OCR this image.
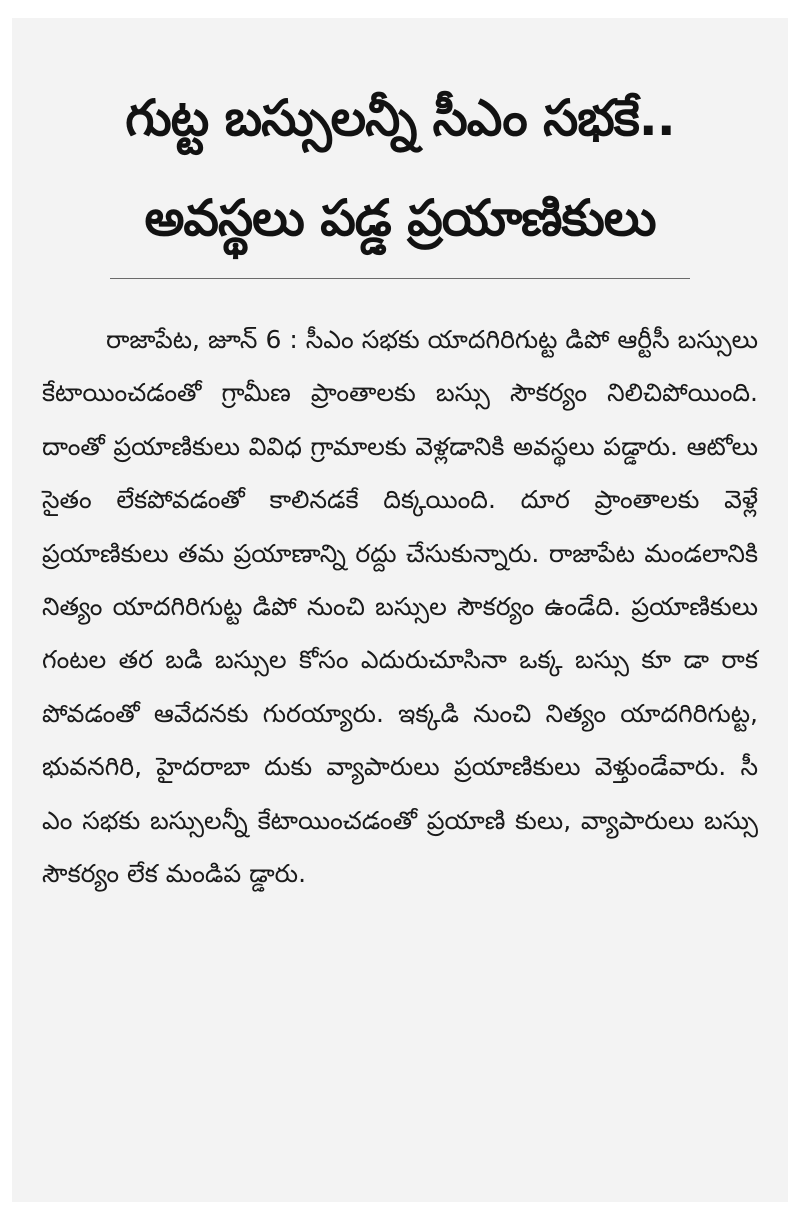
గుట్ట బస్సులన్నీ సీఎం సభకే..
అవస్థలు పడ్డ ప్రయాణికులు

రాజాపేట, జూన్ 6 : సీఎం సభకు యాదగిరిగుట్ట డిపో ఆర్టీసీ బస్సులు కేటాయించడంతో గ్రామీణ ప్రాంతాలకు బస్సు సౌకర్యం నిలిచిపోయింది. దాంతో ప్రయాణికులు వివిధ గ్రామాలకు వెళ్లడానికి అవస్థలు పడ్డారు. ఆటోలు సైతం లేకపోవడంతో కాలినడకే దిక్కయింది. దూర ప్రాంతాలకు వెళ్లే ప్రయాణికులు తమ ప్రయాణాన్ని రద్దు చేసుకున్నారు. రాజాపేట మండలానికి నిత్యం యాదగిరిగుట్ట డిపో నుంచి బస్సుల సౌకర్యం ఉండేది. ప్రయాణికులు గంటల తర బడి బస్సుల కోసం ఎదురుచూసినా ఒక్క బస్సు కూ డా రాక పోవడంతో ఆవేదనకు గురయ్యారు. ఇక్కడి నుంచి నిత్యం యాదగిరిగుట్ట, భువనగిరి, హైదరాబా దుకు వ్యాపారులు ప్రయాణికులు వెళ్తుండేవారు. సీ ఎం సభకు బస్సులన్నీ కేటాయించడంతో ప్రయాణి కులు, వ్యాపారులు బస్సు సౌకర్యం లేక మండిప డ్డారు.
